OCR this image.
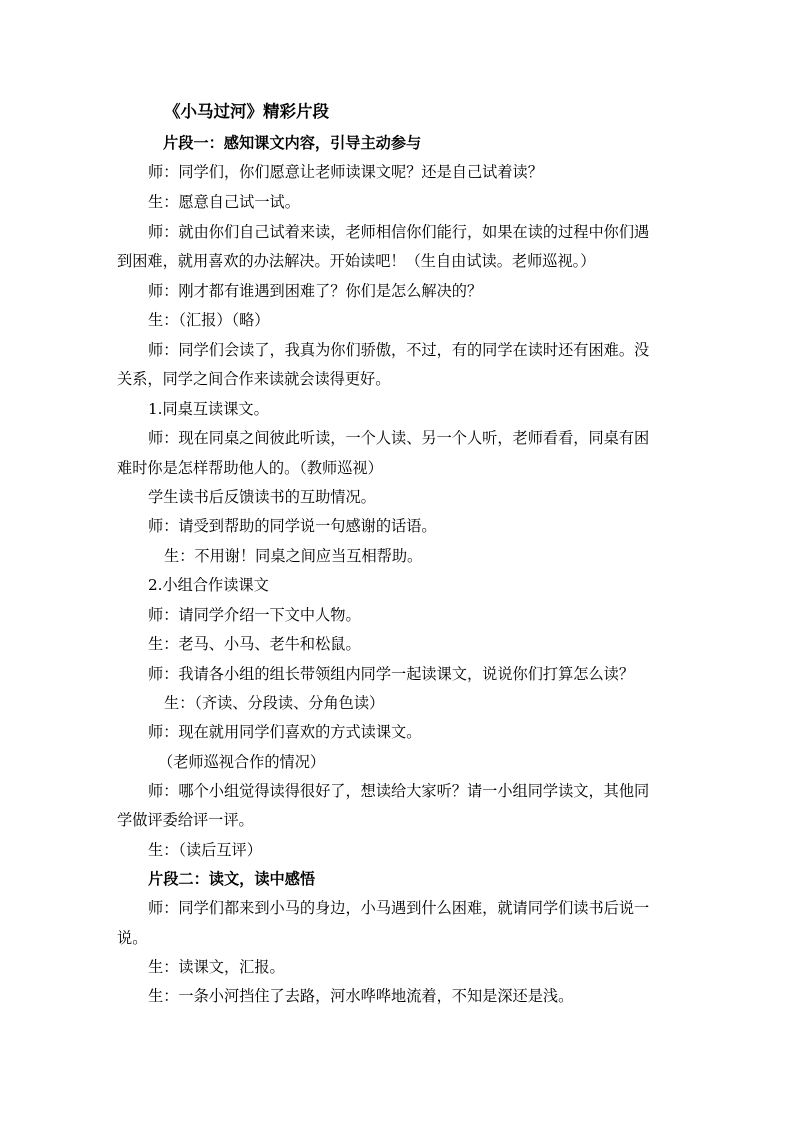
《小马过河》精彩片段
片段一：感知课文内容，引导主动参与
师：同学们，你们愿意让老师读课文呢？还是自己试着读？
生：愿意自己试一试。
师：就由你们自己试着来读，老师相信你们能行，如果在读的过程中你们遇
到困难，就用喜欢的办法解决。开始读吧！（生自由试读。老师巡视。）
师：刚才都有谁遇到困难了？你们是怎么解决的？
生：（汇报）（略）
师：同学们会读了，我真为你们骄傲，不过，有的同学在读时还有困难。没
关系，同学之间合作来读就会读得更好。
1.同桌互读课文。
师：现在同桌之间彼此听读，一个人读、另一个人听，老师看看，同桌有困
难时你是怎样帮助他人的。（教师巡视）
学生读书后反馈读书的互助情况。
师：请受到帮助的同学说一句感谢的话语。
生：不用谢！同桌之间应当互相帮助。
2.小组合作读课文
师：请同学介绍一下文中人物。
生：老马、小马、老牛和松鼠。
师：我请各小组的组长带领组内同学一起读课文，说说你们打算怎么读？
生：（齐读、分段读、分角色读）
师：现在就用同学们喜欢的方式读课文。
（老师巡视合作的情况）
师：哪个小组觉得读得很好了，想读给大家听？请一小组同学读文，其他同
学做评委给评一评。
生：（读后互评）
片段二：读文，读中感悟
师：同学们都来到小马的身边，小马遇到什么困难，就请同学们读书后说一
说。
生：读课文，汇报。
生：一条小河挡住了去路，河水哗哗地流着，不知是深还是浅。
